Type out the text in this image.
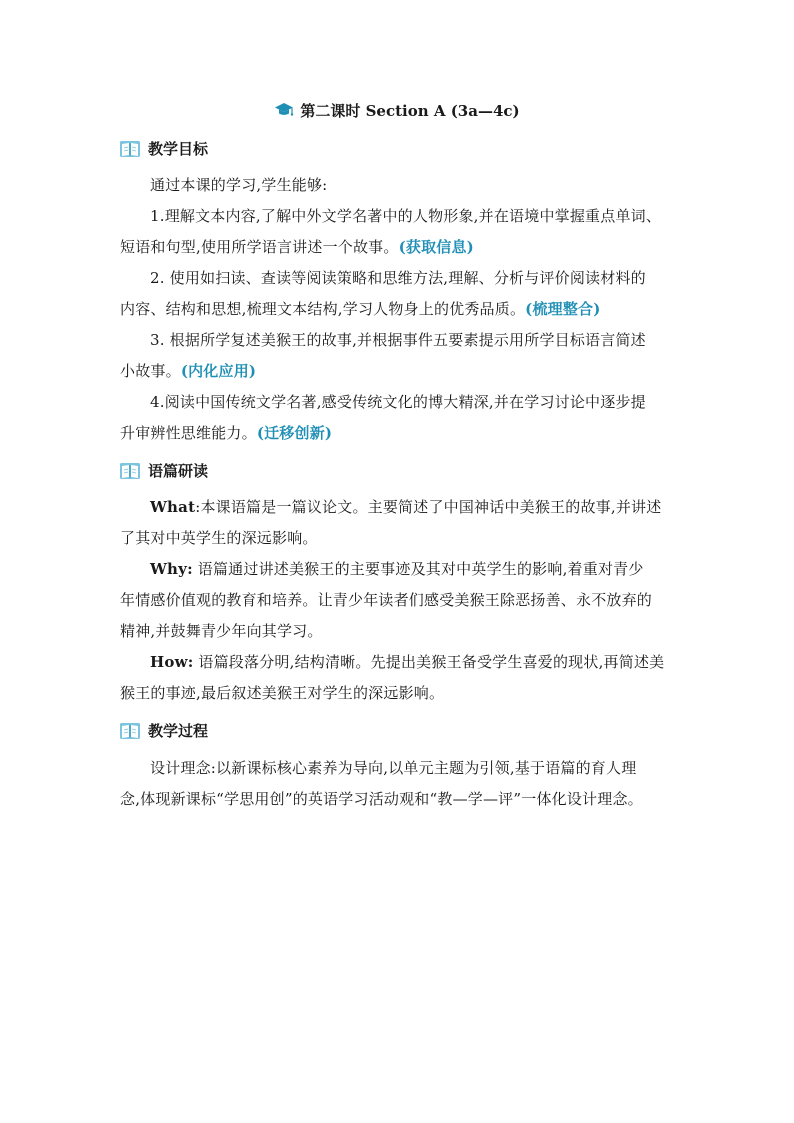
第二课时 Section A (3a—4c)
教学目标
通过本课的学习,学生能够:
1.理解文本内容,了解中外文学名著中的人物形象,并在语境中掌握重点单词、
短语和句型,使用所学语言讲述一个故事。(获取信息)
2. 使用如扫读、查读等阅读策略和思维方法,理解、分析与评价阅读材料的
内容、结构和思想,梳理文本结构,学习人物身上的优秀品质。(梳理整合)
3. 根据所学复述美猴王的故事,并根据事件五要素提示用所学目标语言简述
小故事。(内化应用)
4.阅读中国传统文学名著,感受传统文化的博大精深,并在学习讨论中逐步提
升审辨性思维能力。(迁移创新)
语篇研读
What:本课语篇是一篇议论文。主要简述了中国神话中美猴王的故事,并讲述
了其对中英学生的深远影响。
Why: 语篇通过讲述美猴王的主要事迹及其对中英学生的影响,着重对青少
年情感价值观的教育和培养。让青少年读者们感受美猴王除恶扬善、永不放弃的
精神,并鼓舞青少年向其学习。
How: 语篇段落分明,结构清晰。先提出美猴王备受学生喜爱的现状,再简述美
猴王的事迹,最后叙述美猴王对学生的深远影响。
教学过程
设计理念:以新课标核心素养为导向,以单元主题为引领,基于语篇的育人理
念,体现新课标“学思用创”的英语学习活动观和“教—学—评”一体化设计理念。
